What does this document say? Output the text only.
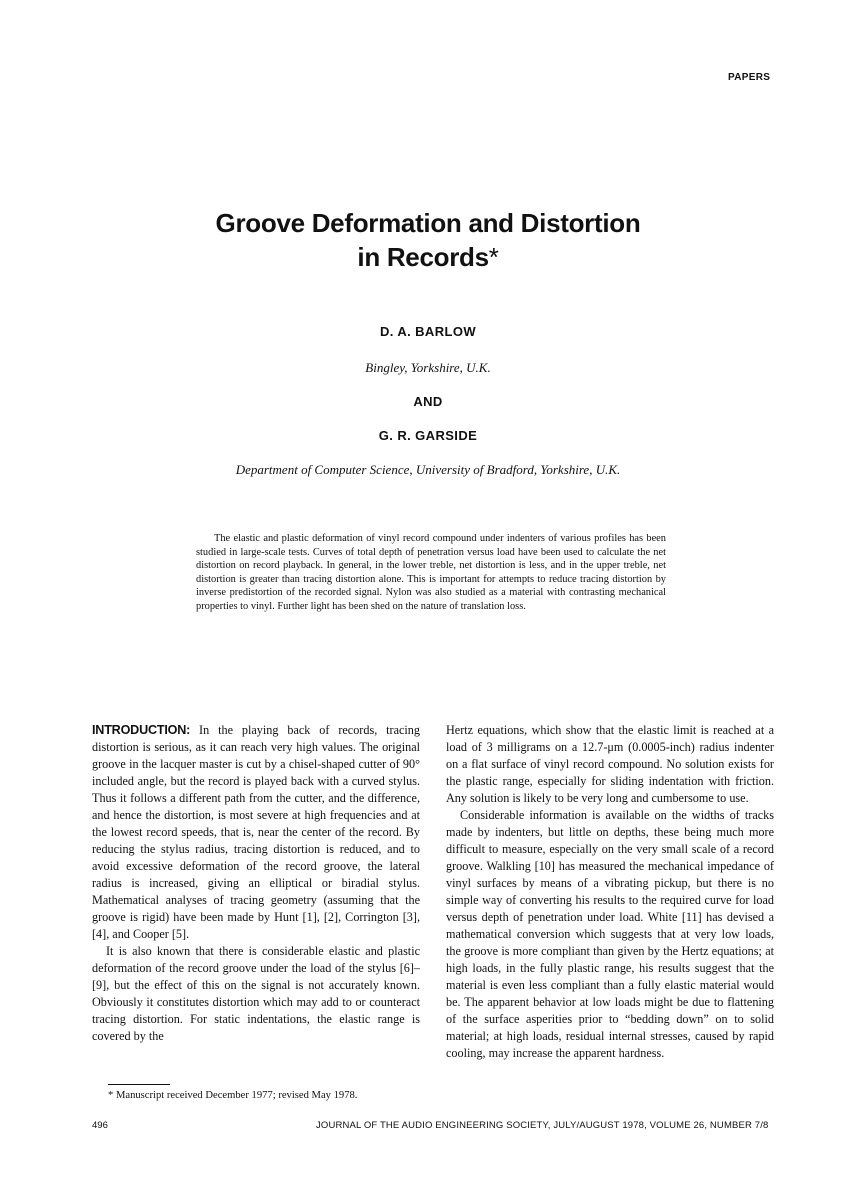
PAPERS
Groove Deformation and Distortion
in Records*
D. A. BARLOW
Bingley, Yorkshire, U.K.
AND
G. R. GARSIDE
Department of Computer Science, University of Bradford, Yorkshire, U.K.
The elastic and plastic deformation of vinyl record compound under indenters of various profiles has been studied in large-scale tests. Curves of total depth of penetration versus load have been used to calculate the net distortion on record playback. In general, in the lower treble, net distortion is less, and in the upper treble, net distortion is greater than tracing distortion alone. This is important for attempts to reduce tracing distortion by inverse predistortion of the recorded signal. Nylon was also studied as a material with contrasting mechanical properties to vinyl. Further light has been shed on the nature of translation loss.

INTRODUCTION: In the playing back of records, tracing distortion is serious, as it can reach very high values. The original groove in the lacquer master is cut by a chisel-shaped cutter of 90° included angle, but the record is played back with a curved stylus. Thus it follows a different path from the cutter, and the difference, and hence the distortion, is most severe at high frequencies and at the lowest record speeds, that is, near the center of the record. By reducing the stylus radius, tracing distortion is reduced, and to avoid excessive deformation of the record groove, the lateral radius is increased, giving an elliptical or biradial stylus. Mathematical analyses of tracing geometry (assuming that the groove is rigid) have been made by Hunt [1], [2], Corrington [3], [4], and Cooper [5].

It is also known that there is considerable elastic and plastic deformation of the record groove under the load of the stylus [6]–[9], but the effect of this on the signal is not accurately known. Obviously it constitutes distortion which may add to or counteract tracing distortion. For static indentations, the elastic range is covered by the

Hertz equations, which show that the elastic limit is reached at a load of 3 milligrams on a 12.7-μm (0.0005-inch) radius indenter on a flat surface of vinyl record compound. No solution exists for the plastic range, especially for sliding indentation with friction. Any solution is likely to be very long and cumbersome to use.

Considerable information is available on the widths of tracks made by indenters, but little on depths, these being much more difficult to measure, especially on the very small scale of a record groove. Walkling [10] has measured the mechanical impedance of vinyl surfaces by means of a vibrating pickup, but there is no simple way of converting his results to the required curve for load versus depth of penetration under load. White [11] has devised a mathematical conversion which suggests that at very low loads, the groove is more compliant than given by the Hertz equations; at high loads, in the fully plastic range, his results suggest that the material is even less compliant than a fully elastic material would be. The apparent behavior at low loads might be due to flattening of the surface asperities prior to “bedding down” on to solid material; at high loads, residual internal stresses, caused by rapid cooling, may increase the apparent hardness.

* Manuscript received December 1977; revised May 1978.
496	JOURNAL OF THE AUDIO ENGINEERING SOCIETY, JULY/AUGUST 1978, VOLUME 26, NUMBER 7/8
